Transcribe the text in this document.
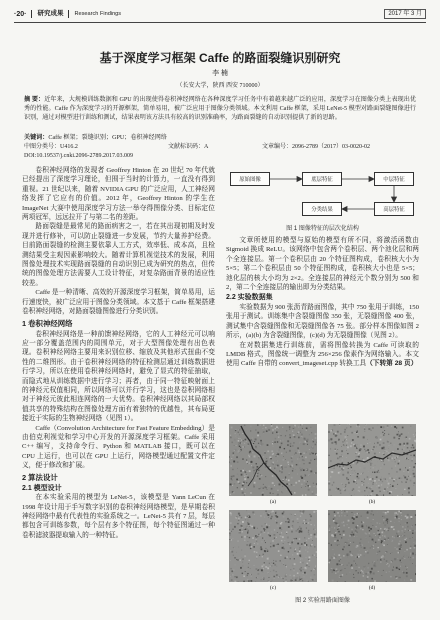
·20·	研究成果	Research Findings	2017 年 3 月
基于深度学习框架 Caffe 的路面裂缝识别研究
李 楠
（长安大学，陕西 西安 710000）
摘 要：近年来，大规模训练数据和 GPU 的出现使得卷积神经网络在各种深度学习任务中有着越来越广泛的应用，深度学习在图像分类上表现出优秀的性能。Caffe 作为深度学习的开源框架，简单易用，被广泛应用于图像分类领域。本文利用 Caffe 框架，采用 LeNet-5 模型对路面裂缝图像进行识别，通过对模型进行训练和测试，结果表明该方法具有较高的识别准确率，为路面裂缝的自动识别提供了新的思路。
关键词：Caffe 框架；裂缝识别；GPU；卷积神经网络
中图分类号：U416.2	文献标识码：A	文章编号：2096-2789（2017）03-0020-02
DOI:10.19537/j.cnki.2096-2789.2017.03.009

卷积神经网络的发现者 Geoffrey Hinton 在 20 世纪 70 年代就已经提出了深度学习理论，但囿于当时的计算力，一直没有得到重视。21 世纪以来，随着 NVIDIA GPU 的广泛应用，人工神经网络发挥了它应有的价值。2012 年，Geoffrey Hinton 的学生在 ImageNet 大赛中使用深度学习方法一举夺得图像分类、目标定位两项冠军，远远拉开了与第二名的差距。

路面裂缝是最常见的路面病害之一，若在其出现初期及时发现并进行修补，可以防止裂缝进一步发展，节约大量养护经费。目前路面裂缝的检测主要依靠人工方式，效率低、成本高，且检测结果受主观因素影响较大。随着计算机视觉技术的发展，利用图像处理技术实现路面裂缝的自动识别已成为研究的热点，但传统的图像处理方法需要人工设计特征，对复杂路面背景的适应性较差。

Caffe 是一种清晰、高效的开源深度学习框架，简单易用，运行速度快，被广泛应用于图像分类领域。本文基于 Caffe 框架搭建卷积神经网络，对路面裂缝图像进行分类识别。

1 卷积神经网络

卷积神经网络是一种前馈神经网络，它的人工神经元可以响应一部分覆盖范围内的周围单元，对于大型图像处理有出色表现。卷积神经网络主要用来识别位移、缩放及其他形式扭曲不变性的二维图形。由于卷积神经网络的特征检测层通过训练数据进行学习，所以在使用卷积神经网络时，避免了显式的特征抽取，而隐式地从训练数据中进行学习；再者，由于同一特征映射面上的神经元权值相同，所以网络可以并行学习，这也是卷积网络相对于神经元彼此相连网络的一大优势。卷积神经网络以其局部权值共享的特殊结构在图像处理方面有着独特的优越性，其布局更接近于实际的生物神经网络（见图 1）。

Caffe（Convolution Architecture for Fast Feature Embedding）是由伯克利视觉和学习中心开发的开源深度学习框架。Caffe 采用 C++ 编写，支持命令行、Python 和 MATLAB 接口，既可以在 CPU 上运行，也可以在 GPU 上运行，网络模型通过配置文件定义，便于修改和扩展。

2 算法设计
2.1 模型设计

在本实验采用的模型为 LeNet-5，该模型是 Yann LeCun 在 1998 年设计用于手写数字识别的卷积神经网络模型，是早期卷积神经网络中最有代表性的实验系统之一。LeNet-5 共有 7 层，每层都包含可训练参数，每个层有多个特征图，每个特征图通过一种卷积滤波器提取输入的一种特征。

原始图像	底层特征	中层特征
高层特征
分类结果
图 1 图像特征的层次化结构

文章所使用的模型与原始的模型有所不同，将激活函数由 Sigmoid 换成 ReLU。该网络中包含两个卷积层、两个池化层和两个全连接层。第一个卷积层由 20 个特征图构成，卷积核大小为 5×5；第二个卷积层由 50 个特征图构成，卷积核大小也是 5×5；池化层的核大小均为 2×2。全连接层的神经元个数分别为 500 和 2，第二个全连接层的输出即为分类结果。

2.2 实验数据集

实验数据为 900 张沥青路面图像，其中 750 张用于训练，150 张用于测试。训练集中含裂缝图像 350 张，无裂缝图像 400 张，测试集中含裂缝图像和无裂缝图像各 75 张。部分样本图像如图 2 所示，(a)(b) 为含裂缝图像，(c)(d) 为无裂缝图像（见图 2）。

在对数据集进行训练前，需将图像转换为 Caffe 可读取的 LMDB 格式，图像统一调整为 256×256 像素作为网络输入。本文使用 Caffe 自带的 convert_imageset.cpp 转换工具（下转第 28 页）

(a)	(b)
(c)	(d)
图 2 实验用路面图像
